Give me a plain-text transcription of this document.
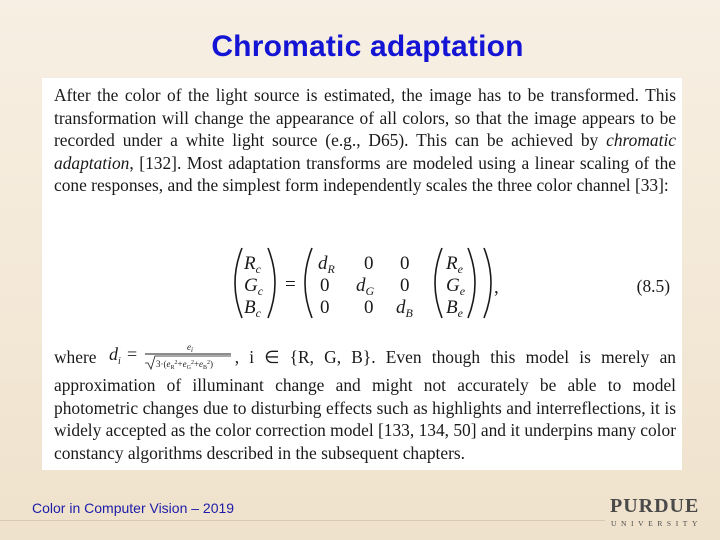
Chromatic adaptation
After the color of the light source is estimated, the image has to be transformed. This transformation will change the appearance of all colors, so that the image appears to be recorded under a white light source (e.g., D65). This can be achieved by chromatic adaptation, [132]. Most adaptation transforms are modeled using a linear scaling of the cone responses, and the simplest form independently scales the three color channel [33]:
$R_c$
$G_c$
$B_c$
=
$d_R$ 0 0
0 $d_G$ 0
0 0 $d_B$
$R_e$
$G_e$
$B_e$
,	(8.5)
where d i =	$e_i$
$3\cdot(e_R^2+e_G^2+e_B^2)$ , i ∈ {R, G, B}. Even though this model is merely an approximation of illuminant change and might not accurately be able to model photometric changes due to disturbing effects such as highlights and interreflections, it is widely accepted as the color correction model [133, 134, 50] and it underpins many color constancy algorithms described in the subsequent chapters.
Color in Computer Vision – 2019	PURDUE
UNIVERSITY
